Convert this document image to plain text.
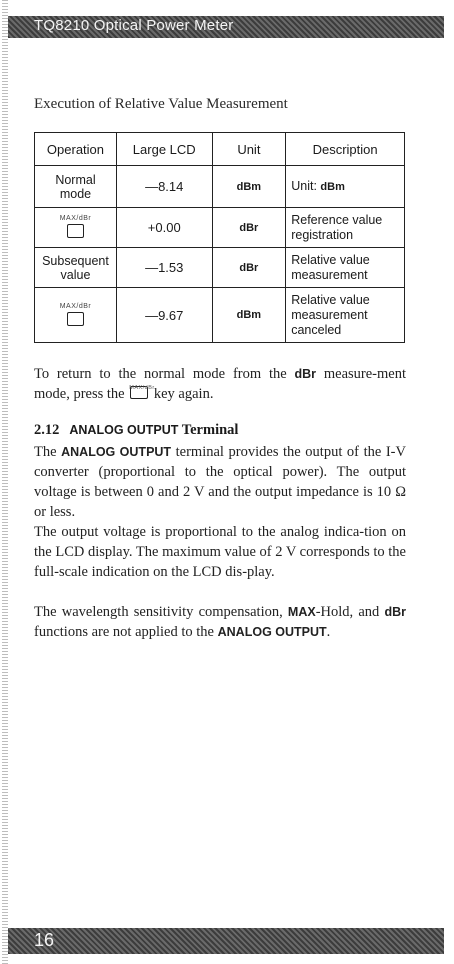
TQ8210 Optical Power Meter
Execution of Relative Value Measurement
Operation	Large LCD	Unit	Description
Normal mode	—8.14	dBm	Unit: dBm

MAX/dBr	+0.00	dBr	Reference value registration
Subsequent value	—1.53	dBr	Relative value measurement

MAX/dBr	—9.67	dBm	Relative value measurement canceled
To return to the normal mode from the dBr measure-ment mode, press the MAX/dBr
key again.
2.12 ANALOG OUTPUT Terminal
The ANALOG OUTPUT terminal provides the output of the I-V converter (proportional to the optical power). The output voltage is between 0 and 2 V and the output impedance is 10 Ω or less.
The output voltage is proportional to the analog indica-tion on the LCD display. The maximum value of 2 V corresponds to the full-scale indication on the LCD dis-play.
The wavelength sensitivity compensation, MAX-Hold, and dBr functions are not applied to the ANALOG OUTPUT.
16
